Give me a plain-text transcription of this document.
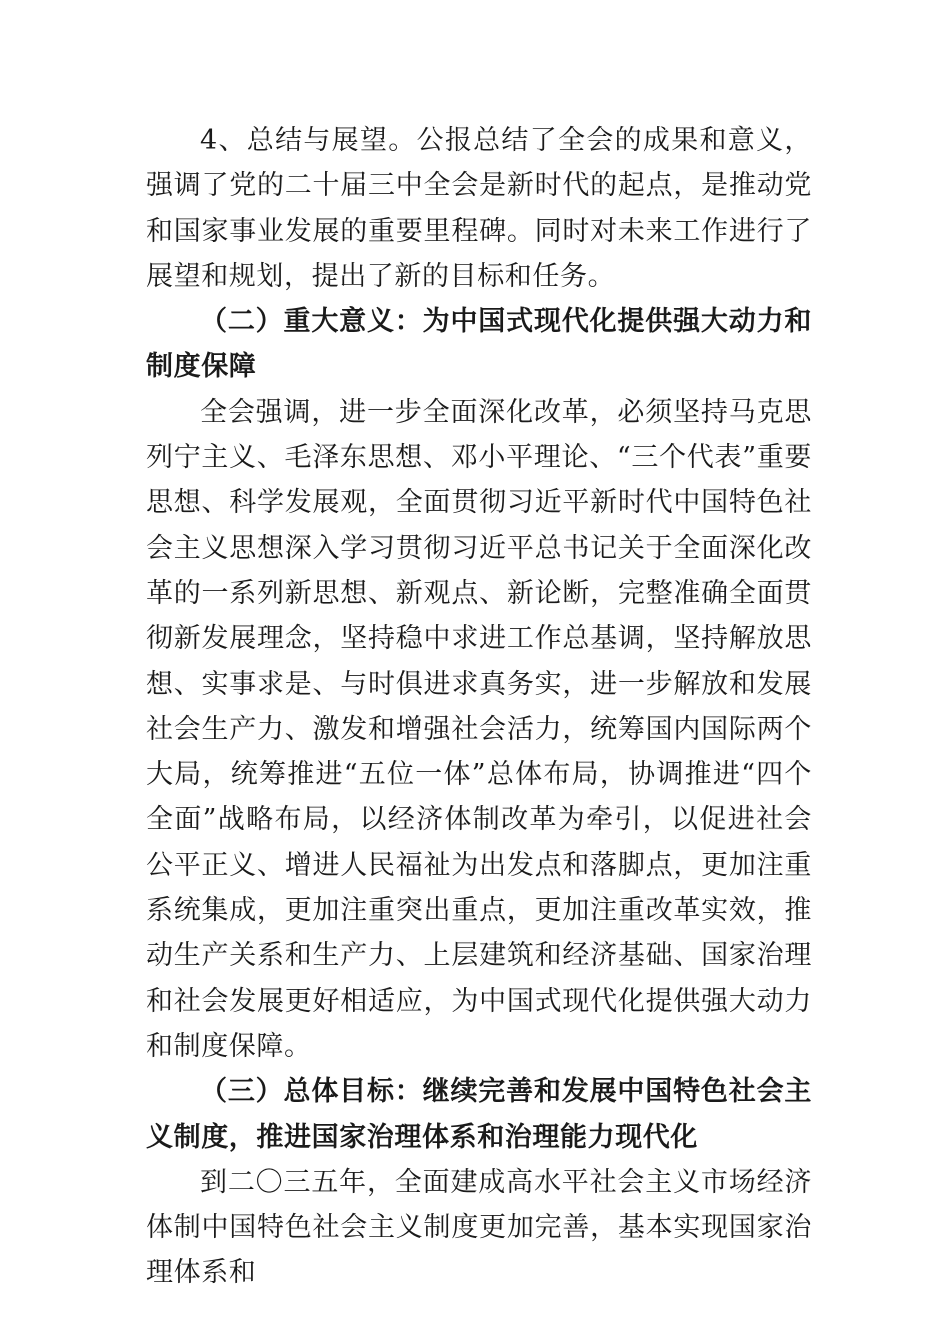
4、总结与展望。公报总结了全会的成果和意义，强调了党的二十届三中全会是新时代的起点，是推动党和国家事业发展的重要里程碑。同时对未来工作进行了展望和规划，提出了新的目标和任务。

（二）重大意义：为中国式现代化提供强大动力和制度保障

全会强调，进一步全面深化改革，必须坚持马克思列宁主义、毛泽东思想、邓小平理论、“三个代表”重要思想、科学发展观，全面贯彻习近平新时代中国特色社会主义思想深入学习贯彻习近平总书记关于全面深化改革的一系列新思想、新观点、新论断，完整准确全面贯彻新发展理念，坚持稳中求进工作总基调，坚持解放思想、实事求是、与时俱进求真务实，进一步解放和发展社会生产力、激发和增强社会活力，统筹国内国际两个大局，统筹推进“五位一体”总体布局，协调推进“四个全面”战略布局，以经济体制改革为牵引，以促进社会公平正义、增进人民福祉为出发点和落脚点，更加注重系统集成，更加注重突出重点，更加注重改革实效，推动生产关系和生产力、上层建筑和经济基础、国家治理和社会发展更好相适应，为中国式现代化提供强大动力和制度保障。

（三）总体目标：继续完善和发展中国特色社会主义制度，推进国家治理体系和治理能力现代化

到二〇三五年，全面建成高水平社会主义市场经济体制中国特色社会主义制度更加完善，基本实现国家治理体系和
